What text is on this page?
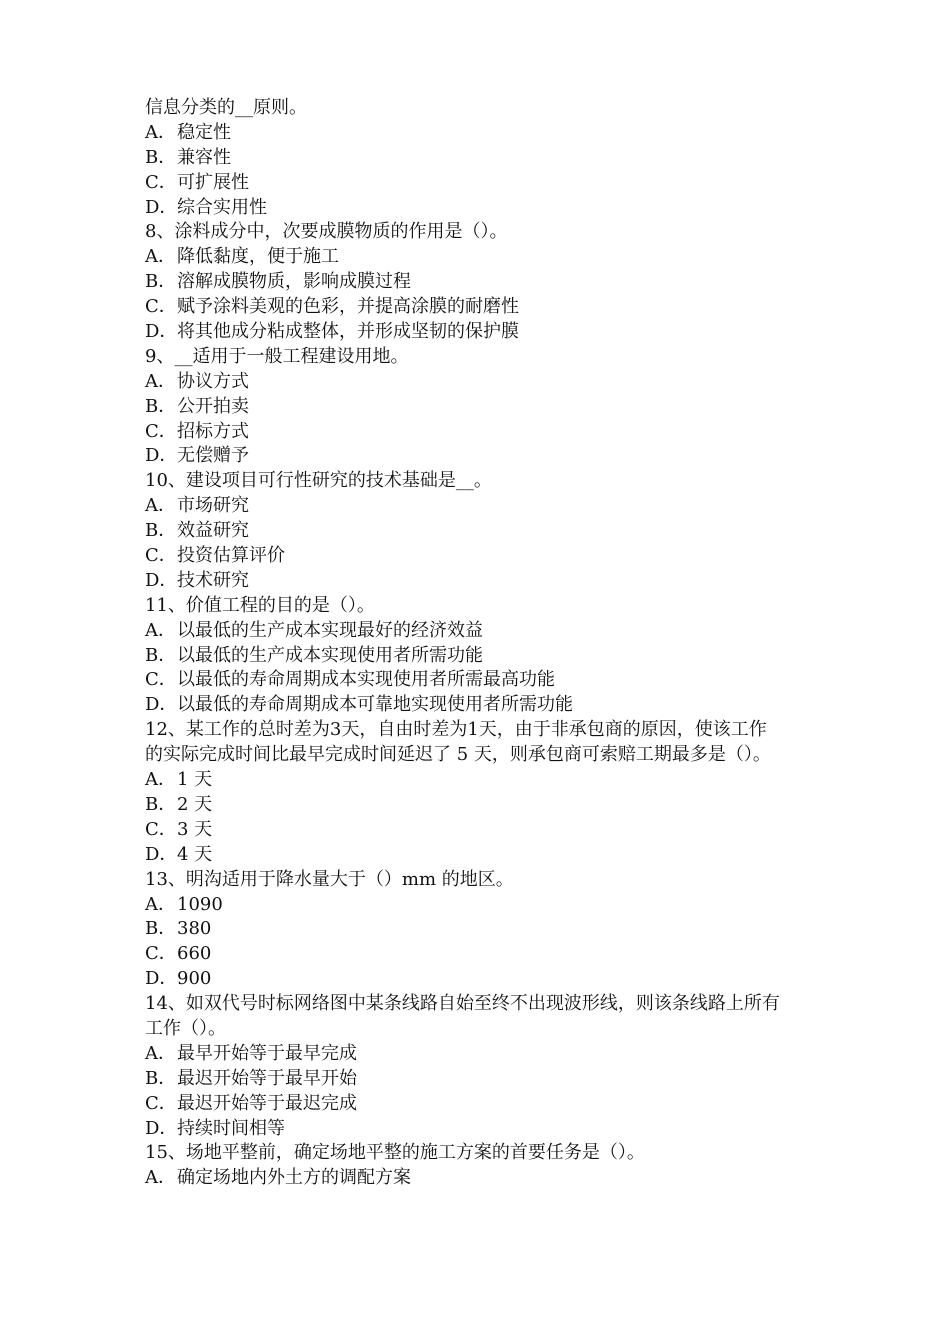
信息分类的__原则。
A．稳定性
B．兼容性
C．可扩展性
D．综合实用性
8、涂料成分中，次要成膜物质的作用是（）。
A．降低黏度，便于施工
B．溶解成膜物质，影响成膜过程
C．赋予涂料美观的色彩，并提高涂膜的耐磨性
D．将其他成分粘成整体，并形成坚韧的保护膜
9、__适用于一般工程建设用地。
A．协议方式
B．公开拍卖
C．招标方式
D．无偿赠予
10、建设项目可行性研究的技术基础是__。
A．市场研究
B．效益研究
C．投资估算评价
D．技术研究
11、价值工程的目的是（）。
A．以最低的生产成本实现最好的经济效益
B．以最低的生产成本实现使用者所需功能
C．以最低的寿命周期成本实现使用者所需最高功能
D．以最低的寿命周期成本可靠地实现使用者所需功能
12、某工作的总时差为3天，自由时差为1天，由于非承包商的原因，使该工作
的实际完成时间比最早完成时间延迟了 5 天，则承包商可索赔工期最多是（）。
A．1 天
B．2 天
C．3 天
D．4 天
13、明沟适用于降水量大于（）mm 的地区。
A．1090
B．380
C．660
D．900
14、如双代号时标网络图中某条线路自始至终不出现波形线，则该条线路上所有
工作（）。
A．最早开始等于最早完成
B．最迟开始等于最早开始
C．最迟开始等于最迟完成
D．持续时间相等
15、场地平整前，确定场地平整的施工方案的首要任务是（）。
A．确定场地内外土方的调配方案
